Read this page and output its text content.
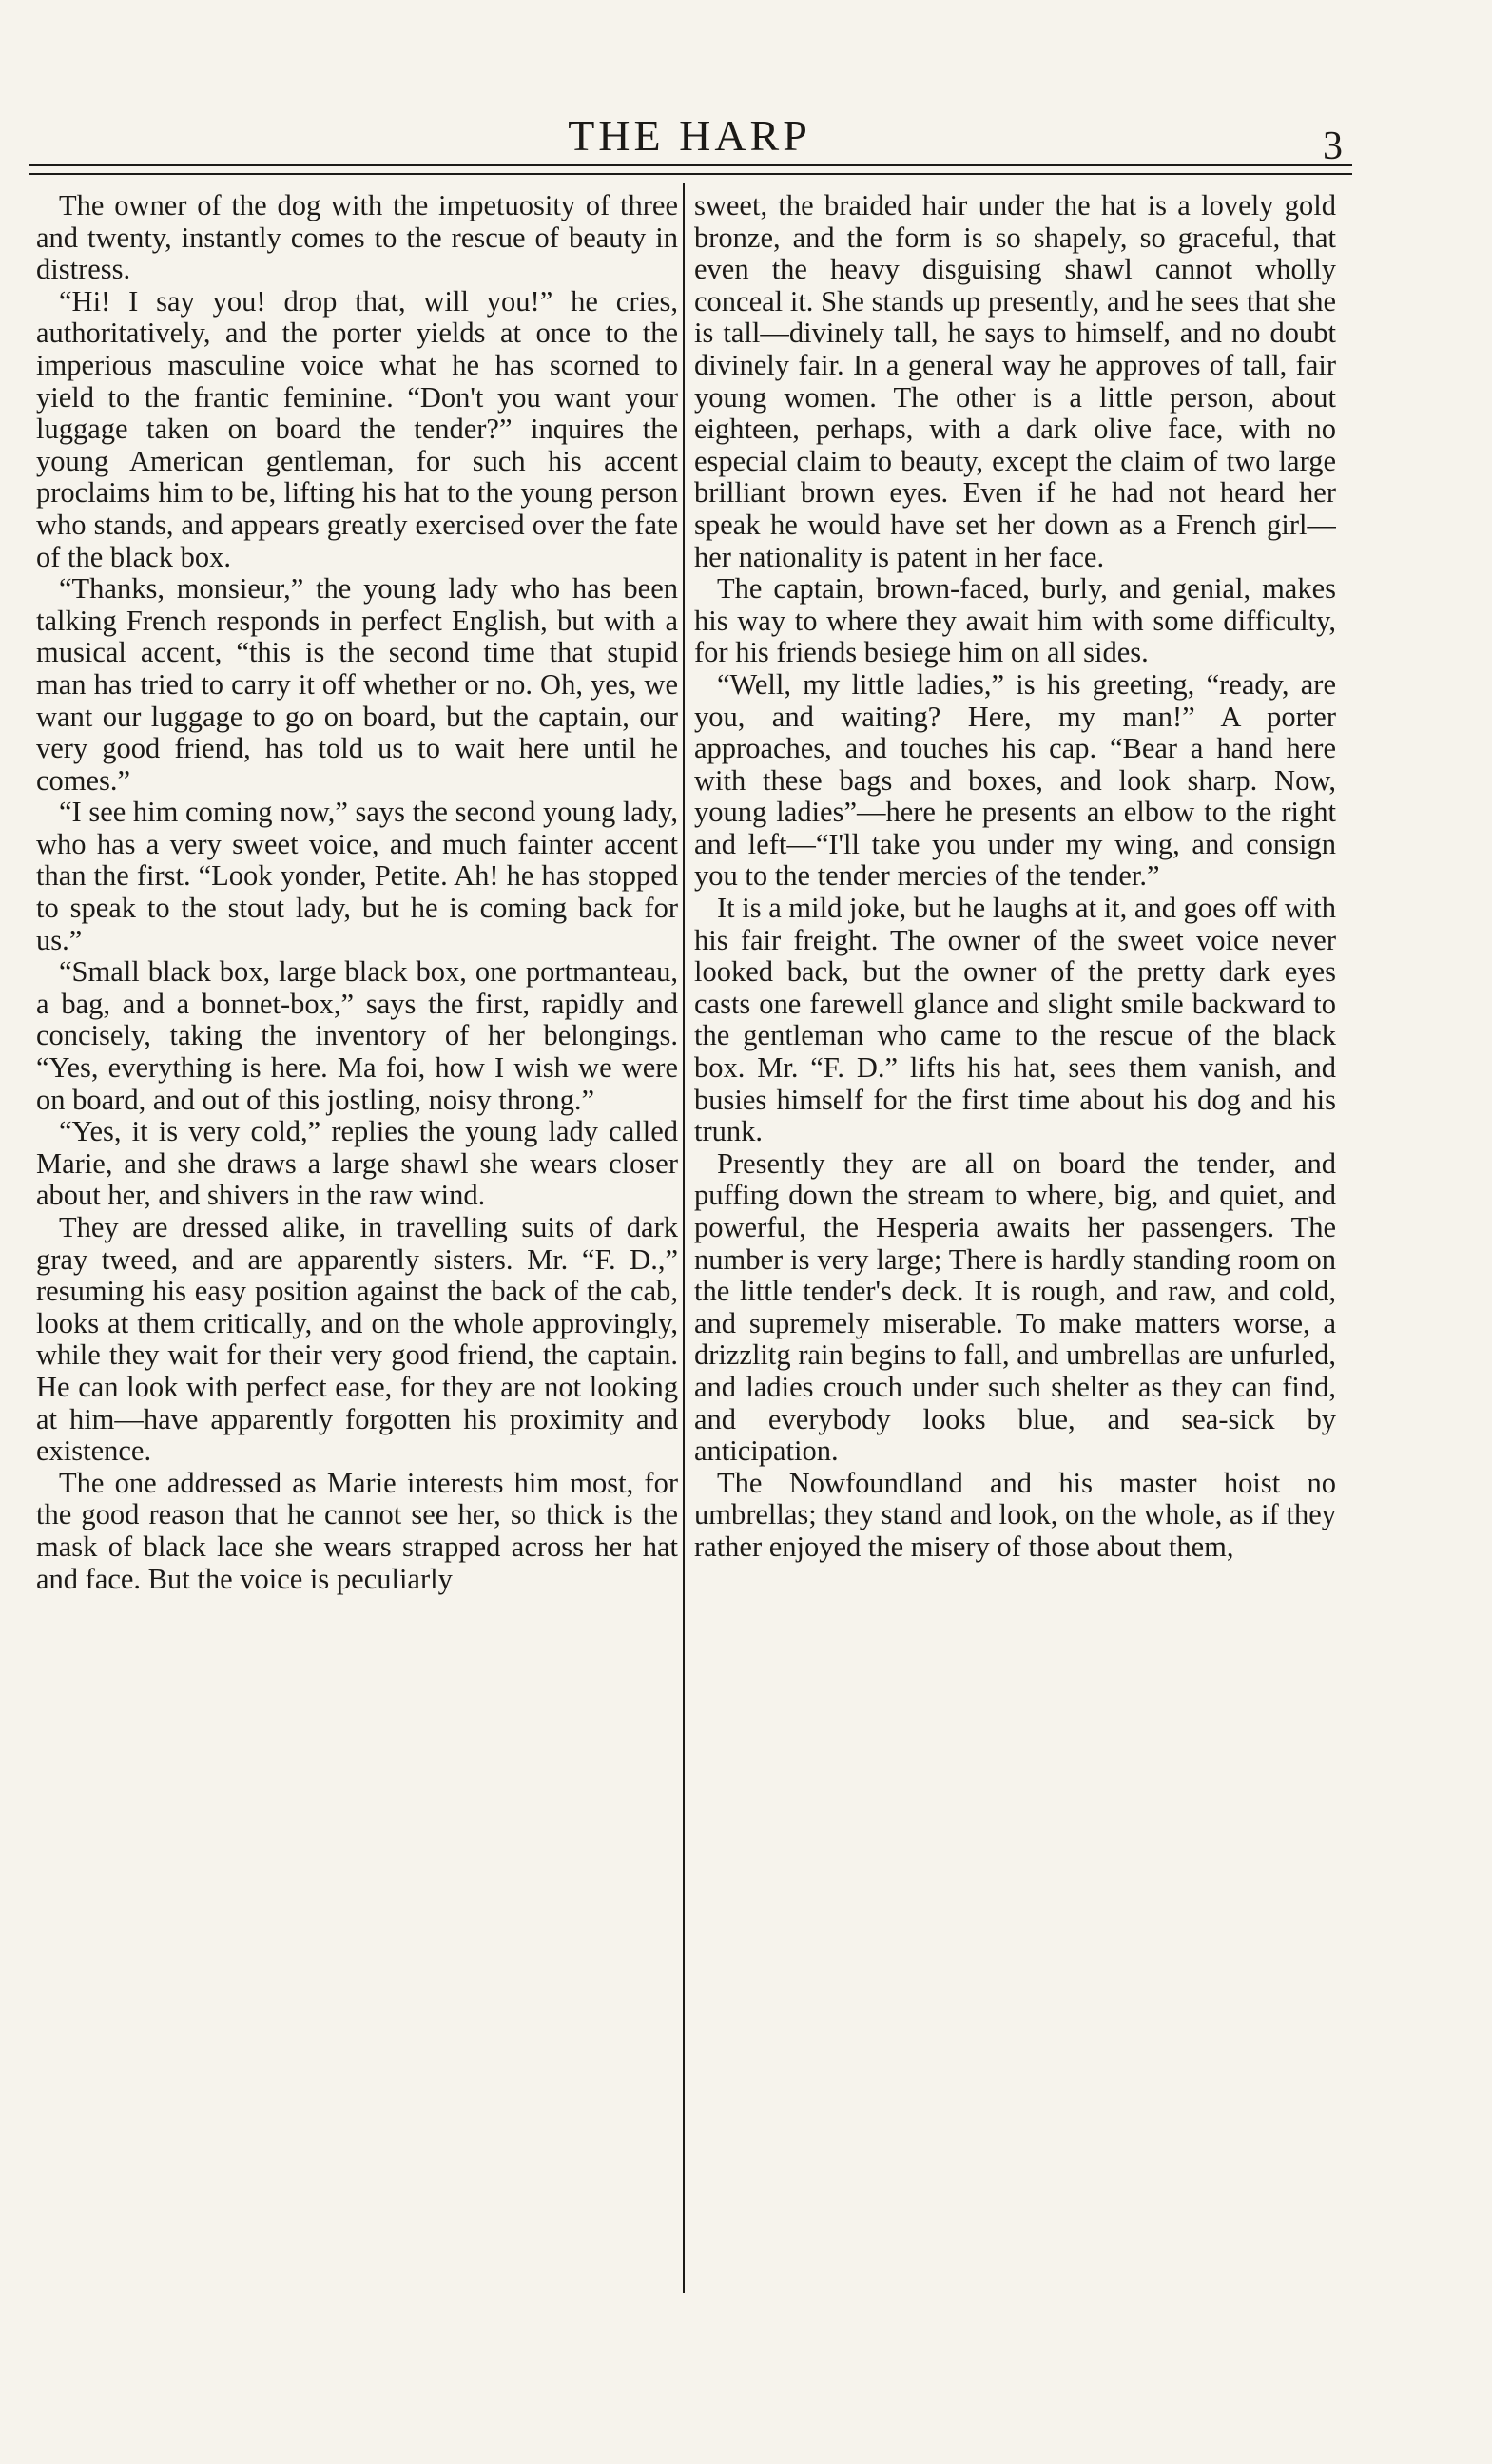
THE HARP	3

The owner of the dog with the impetuosity of three and twenty, instantly comes to the rescue of beauty in distress.

“Hi! I say you! drop that, will you!” he cries, authoritatively, and the porter yields at once to the imperious masculine voice what he has scorned to yield to the frantic feminine. “Don't you want your luggage taken on board the tender?” inquires the young American gentleman, for such his accent proclaims him to be, lifting his hat to the young person who stands, and appears greatly exercised over the fate of the black box.

“Thanks, monsieur,” the young lady who has been talking French responds in perfect English, but with a musical accent, “this is the second time that stupid man has tried to carry it off whether or no. Oh, yes, we want our luggage to go on board, but the captain, our very good friend, has told us to wait here until he comes.”

“I see him coming now,” says the second young lady, who has a very sweet voice, and much fainter accent than the first. “Look yonder, Petite. Ah! he has stopped to speak to the stout lady, but he is coming back for us.”

“Small black box, large black box, one portmanteau, a bag, and a bonnet-box,” says the first, rapidly and concisely, taking the inventory of her belongings. “Yes, everything is here. Ma foi, how I wish we were on board, and out of this jostling, noisy throng.”

“Yes, it is very cold,” replies the young lady called Marie, and she draws a large shawl she wears closer about her, and shivers in the raw wind.

They are dressed alike, in travelling suits of dark gray tweed, and are apparently sisters. Mr. “F. D.,” resuming his easy position against the back of the cab, looks at them critically, and on the whole approvingly, while they wait for their very good friend, the captain. He can look with perfect ease, for they are not looking at him—have apparently forgotten his proximity and existence.

The one addressed as Marie interests him most, for the good reason that he cannot see her, so thick is the mask of black lace she wears strapped across her hat and face. But the voice is peculiarly

sweet, the braided hair under the hat is a lovely gold bronze, and the form is so shapely, so graceful, that even the heavy disguising shawl cannot wholly conceal it. She stands up presently, and he sees that she is tall—divinely tall, he says to himself, and no doubt divinely fair. In a general way he approves of tall, fair young women. The other is a little person, about eighteen, perhaps, with a dark olive face, with no especial claim to beauty, except the claim of two large brilliant brown eyes. Even if he had not heard her speak he would have set her down as a French girl—her nationality is patent in her face.

The captain, brown-faced, burly, and genial, makes his way to where they await him with some difficulty, for his friends besiege him on all sides.

“Well, my little ladies,” is his greeting, “ready, are you, and waiting? Here, my man!” A porter approaches, and touches his cap. “Bear a hand here with these bags and boxes, and look sharp. Now, young ladies”—here he presents an elbow to the right and left—“I'll take you under my wing, and consign you to the tender mercies of the tender.”

It is a mild joke, but he laughs at it, and goes off with his fair freight. The owner of the sweet voice never looked back, but the owner of the pretty dark eyes casts one farewell glance and slight smile backward to the gentleman who came to the rescue of the black box. Mr. “F. D.” lifts his hat, sees them vanish, and busies himself for the first time about his dog and his trunk.

Presently they are all on board the tender, and puffing down the stream to where, big, and quiet, and powerful, the Hesperia awaits her passengers. The number is very large; There is hardly standing room on the little tender's deck. It is rough, and raw, and cold, and supremely miserable. To make matters worse, a drizzlitg rain begins to fall, and umbrellas are unfurled, and ladies crouch under such shelter as they can find, and everybody looks blue, and sea-sick by anticipation.

The Nowfoundland and his master hoist no umbrellas; they stand and look, on the whole, as if they rather enjoyed the misery of those about them,
